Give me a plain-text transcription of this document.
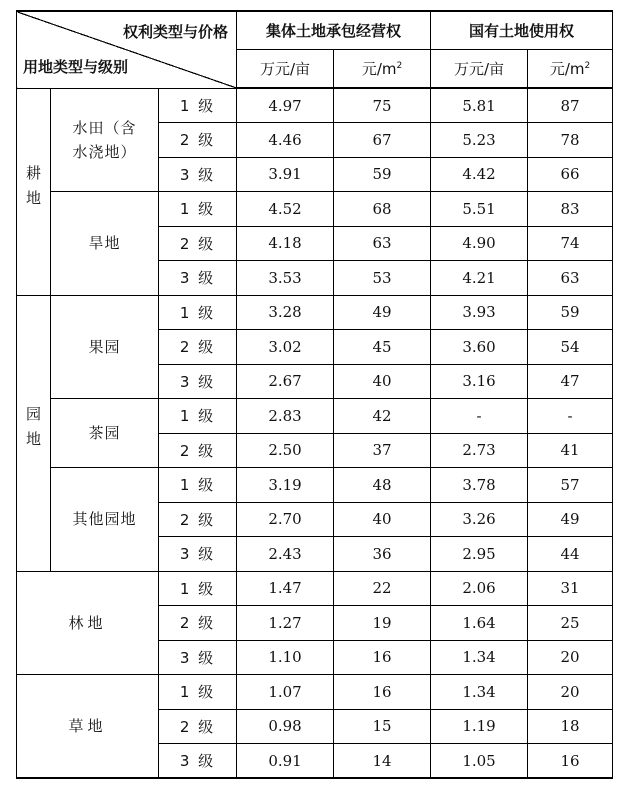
权利类型与价格
用地类型与级别			集体土地承包经营权		国有土地使用权	
			万元/亩	元$/m^2$	万元/亩	元$/m^2$
耕地	水田（含水浇地）	1 级	4.97	75	5.81	87
		2 级	4.46	67	5.23	78
		3 级	3.91	59	4.42	66

	旱地	1 级	4.52	68	5.51	83
		2 级	4.18	63	4.90	74
		3 级	3.53	53	4.21	63
园地	果园	1 级	3.28	49	3.93	59
		2 级	3.02	45	3.60	54
		3 级	2.67	40	3.16	47

	茶园	1 级	2.83	42	-	-
		2 级	2.50	37	2.73	41

	其他园地	1 级	3.19	48	3.78	57
		2 级	2.70	40	3.26	49
		3 级	2.43	36	2.95	44
林地		1 级	1.47	22	2.06	31
		2 级	1.27	19	1.64	25
		3 级	1.10	16	1.34	20
草地		1 级	1.07	16	1.34	20
		2 级	0.98	15	1.19	18
		3 级	0.91	14	1.05	16
